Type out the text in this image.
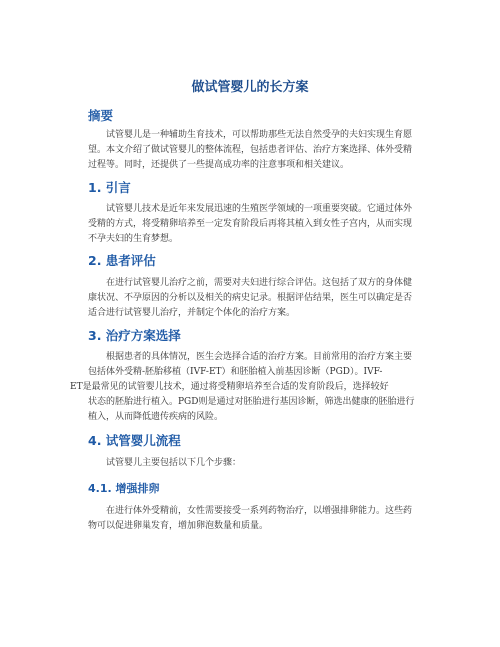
做试管婴儿的长方案
摘要
试管婴儿是一种辅助生育技术，可以帮助那些无法自然受孕的夫妇实现生育愿
望。本文介绍了做试管婴儿的整体流程，包括患者评估、治疗方案选择、体外受精
过程等。同时，还提供了一些提高成功率的注意事项和相关建议。
1. 引言
试管婴儿技术是近年来发展迅速的生殖医学领域的一项重要突破。它通过体外
受精的方式，将受精卵培养至一定发育阶段后再将其植入到女性子宫内，从而实现
不孕夫妇的生育梦想。
2. 患者评估
在进行试管婴儿治疗之前，需要对夫妇进行综合评估。这包括了双方的身体健
康状况、不孕原因的分析以及相关的病史记录。根据评估结果，医生可以确定是否
适合进行试管婴儿治疗，并制定个体化的治疗方案。
3. 治疗方案选择
根据患者的具体情况，医生会选择合适的治疗方案。目前常用的治疗方案主要
包括体外受精-胚胎移植（IVF-ET）和胚胎植入前基因诊断（PGD）。IVF-
ET是最常见的试管婴儿技术，通过将受精卵培养至合适的发育阶段后，选择较好
状态的胚胎进行植入。PGD则是通过对胚胎进行基因诊断，筛选出健康的胚胎进行
植入，从而降低遗传疾病的风险。
4. 试管婴儿流程
试管婴儿主要包括以下几个步骤：
4.1. 增强排卵
在进行体外受精前，女性需要接受一系列药物治疗，以增强排卵能力。这些药
物可以促进卵巢发育，增加卵泡数量和质量。
